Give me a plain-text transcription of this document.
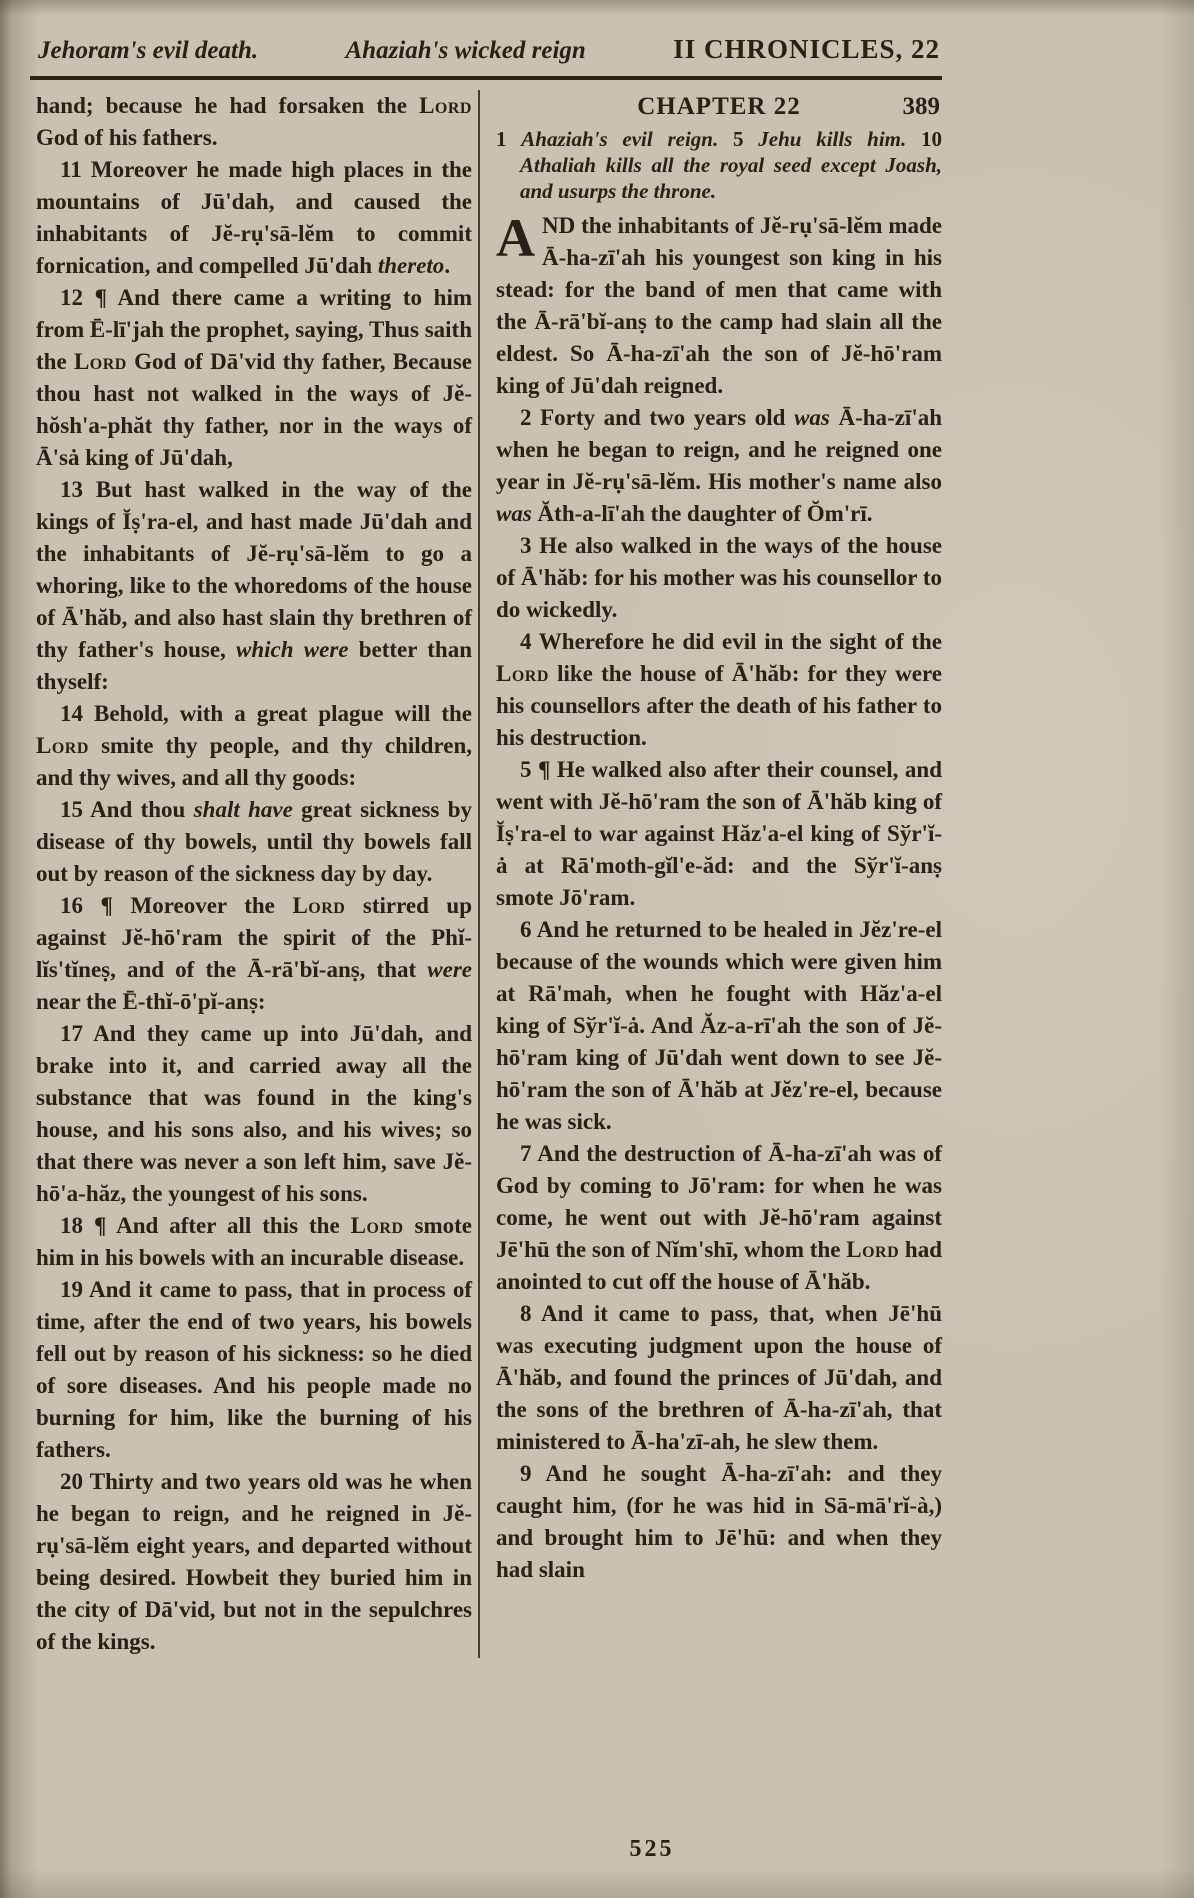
Jehoram's evil death.	Ahaziah's wicked reign	II CHRONICLES, 22

hand; because he had forsaken the Lord God of his fathers.

11 Moreover he made high places in the mountains of Jū'dah, and caused the inhabitants of Jĕ-rụ'sā-lĕm to commit fornication, and compelled Jū'dah thereto.

12 ¶ And there came a writing to him from Ē-lī'jah the prophet, saying, Thus saith the Lord God of Dā'vid thy father, Because thou hast not walked in the ways of Jĕ-hŏsh'a-phăt thy father, nor in the ways of Ā'sȧ king of Jū'dah,

13 But hast walked in the way of the kings of Ĭṣ'ra-el, and hast made Jū'dah and the inhabitants of Jĕ-rụ'sā-lĕm to go a whoring, like to the whoredoms of the house of Ā'hăb, and also hast slain thy brethren of thy father's house, which were better than thyself:

14 Behold, with a great plague will the Lord smite thy people, and thy children, and thy wives, and all thy goods:

15 And thou shalt have great sickness by disease of thy bowels, until thy bowels fall out by reason of the sickness day by day.

16 ¶ Moreover the Lord stirred up against Jĕ-hō'ram the spirit of the Phĭ-lĭs'tĭneṣ, and of the Ā-rā'bĭ-anṣ, that were near the Ē-thĭ-ō'pĭ-anṣ:

17 And they came up into Jū'dah, and brake into it, and carried away all the substance that was found in the king's house, and his sons also, and his wives; so that there was never a son left him, save Jĕ-hō'a-hăz, the youngest of his sons.

18 ¶ And after all this the Lord smote him in his bowels with an incurable disease.

19 And it came to pass, that in process of time, after the end of two years, his bowels fell out by reason of his sickness: so he died of sore diseases. And his people made no burning for him, like the burning of his fathers.

20 Thirty and two years old was he when he began to reign, and he reigned in Jĕ-rụ'sā-lĕm eight years, and departed without being desired. Howbeit they buried him in the city of Dā'vid, but not in the sepulchres of the kings.

CHAPTER 22	389

1 Ahaziah's evil reign. 5 Jehu kills him. 10 Athaliah kills all the royal seed except Joash, and usurps the throne.

AND the inhabitants of Jĕ-rụ'sā-lĕm made Ā-ha-zī'ah his youngest son king in his stead: for the band of men that came with the Ā-rā'bĭ-anṣ to the camp had slain all the eldest. So Ā-ha-zī'ah the son of Jĕ-hō'ram king of Jū'dah reigned.

2 Forty and two years old was Ā-ha-zī'ah when he began to reign, and he reigned one year in Jĕ-rụ'sā-lĕm. His mother's name also was Ăth-a-lī'ah the daughter of Ŏm'rī.

3 He also walked in the ways of the house of Ā'hăb: for his mother was his counsellor to do wickedly.

4 Wherefore he did evil in the sight of the Lord like the house of Ā'hăb: for they were his counsellors after the death of his father to his destruction.

5 ¶ He walked also after their counsel, and went with Jĕ-hō'ram the son of Ā'hăb king of Ĭṣ'ra-el to war against Hăz'a-el king of Sўr'ĭ-ȧ at Rā'moth-gĭl'e-ăd: and the Sўr'ĭ-anṣ smote Jō'ram.

6 And he returned to be healed in Jĕz're-el because of the wounds which were given him at Rā'mah, when he fought with Hăz'a-el king of Sўr'ĭ-ȧ. And Ăz-a-rī'ah the son of Jĕ-hō'ram king of Jū'dah went down to see Jĕ-hō'ram the son of Ā'hăb at Jĕz're-el, because he was sick.

7 And the destruction of Ā-ha-zī'ah was of God by coming to Jō'ram: for when he was come, he went out with Jĕ-hō'ram against Jē'hū the son of Nĭm'shī, whom the Lord had anointed to cut off the house of Ā'hăb.

8 And it came to pass, that, when Jē'hū was executing judgment upon the house of Ā'hăb, and found the princes of Jū'dah, and the sons of the brethren of Ā-ha-zī'ah, that ministered to Ā-ha'zī-ah, he slew them.

9 And he sought Ā-ha-zī'ah: and they caught him, (for he was hid in Sā-mā'rĭ-à,) and brought him to Jē'hū: and when they had slain

525
